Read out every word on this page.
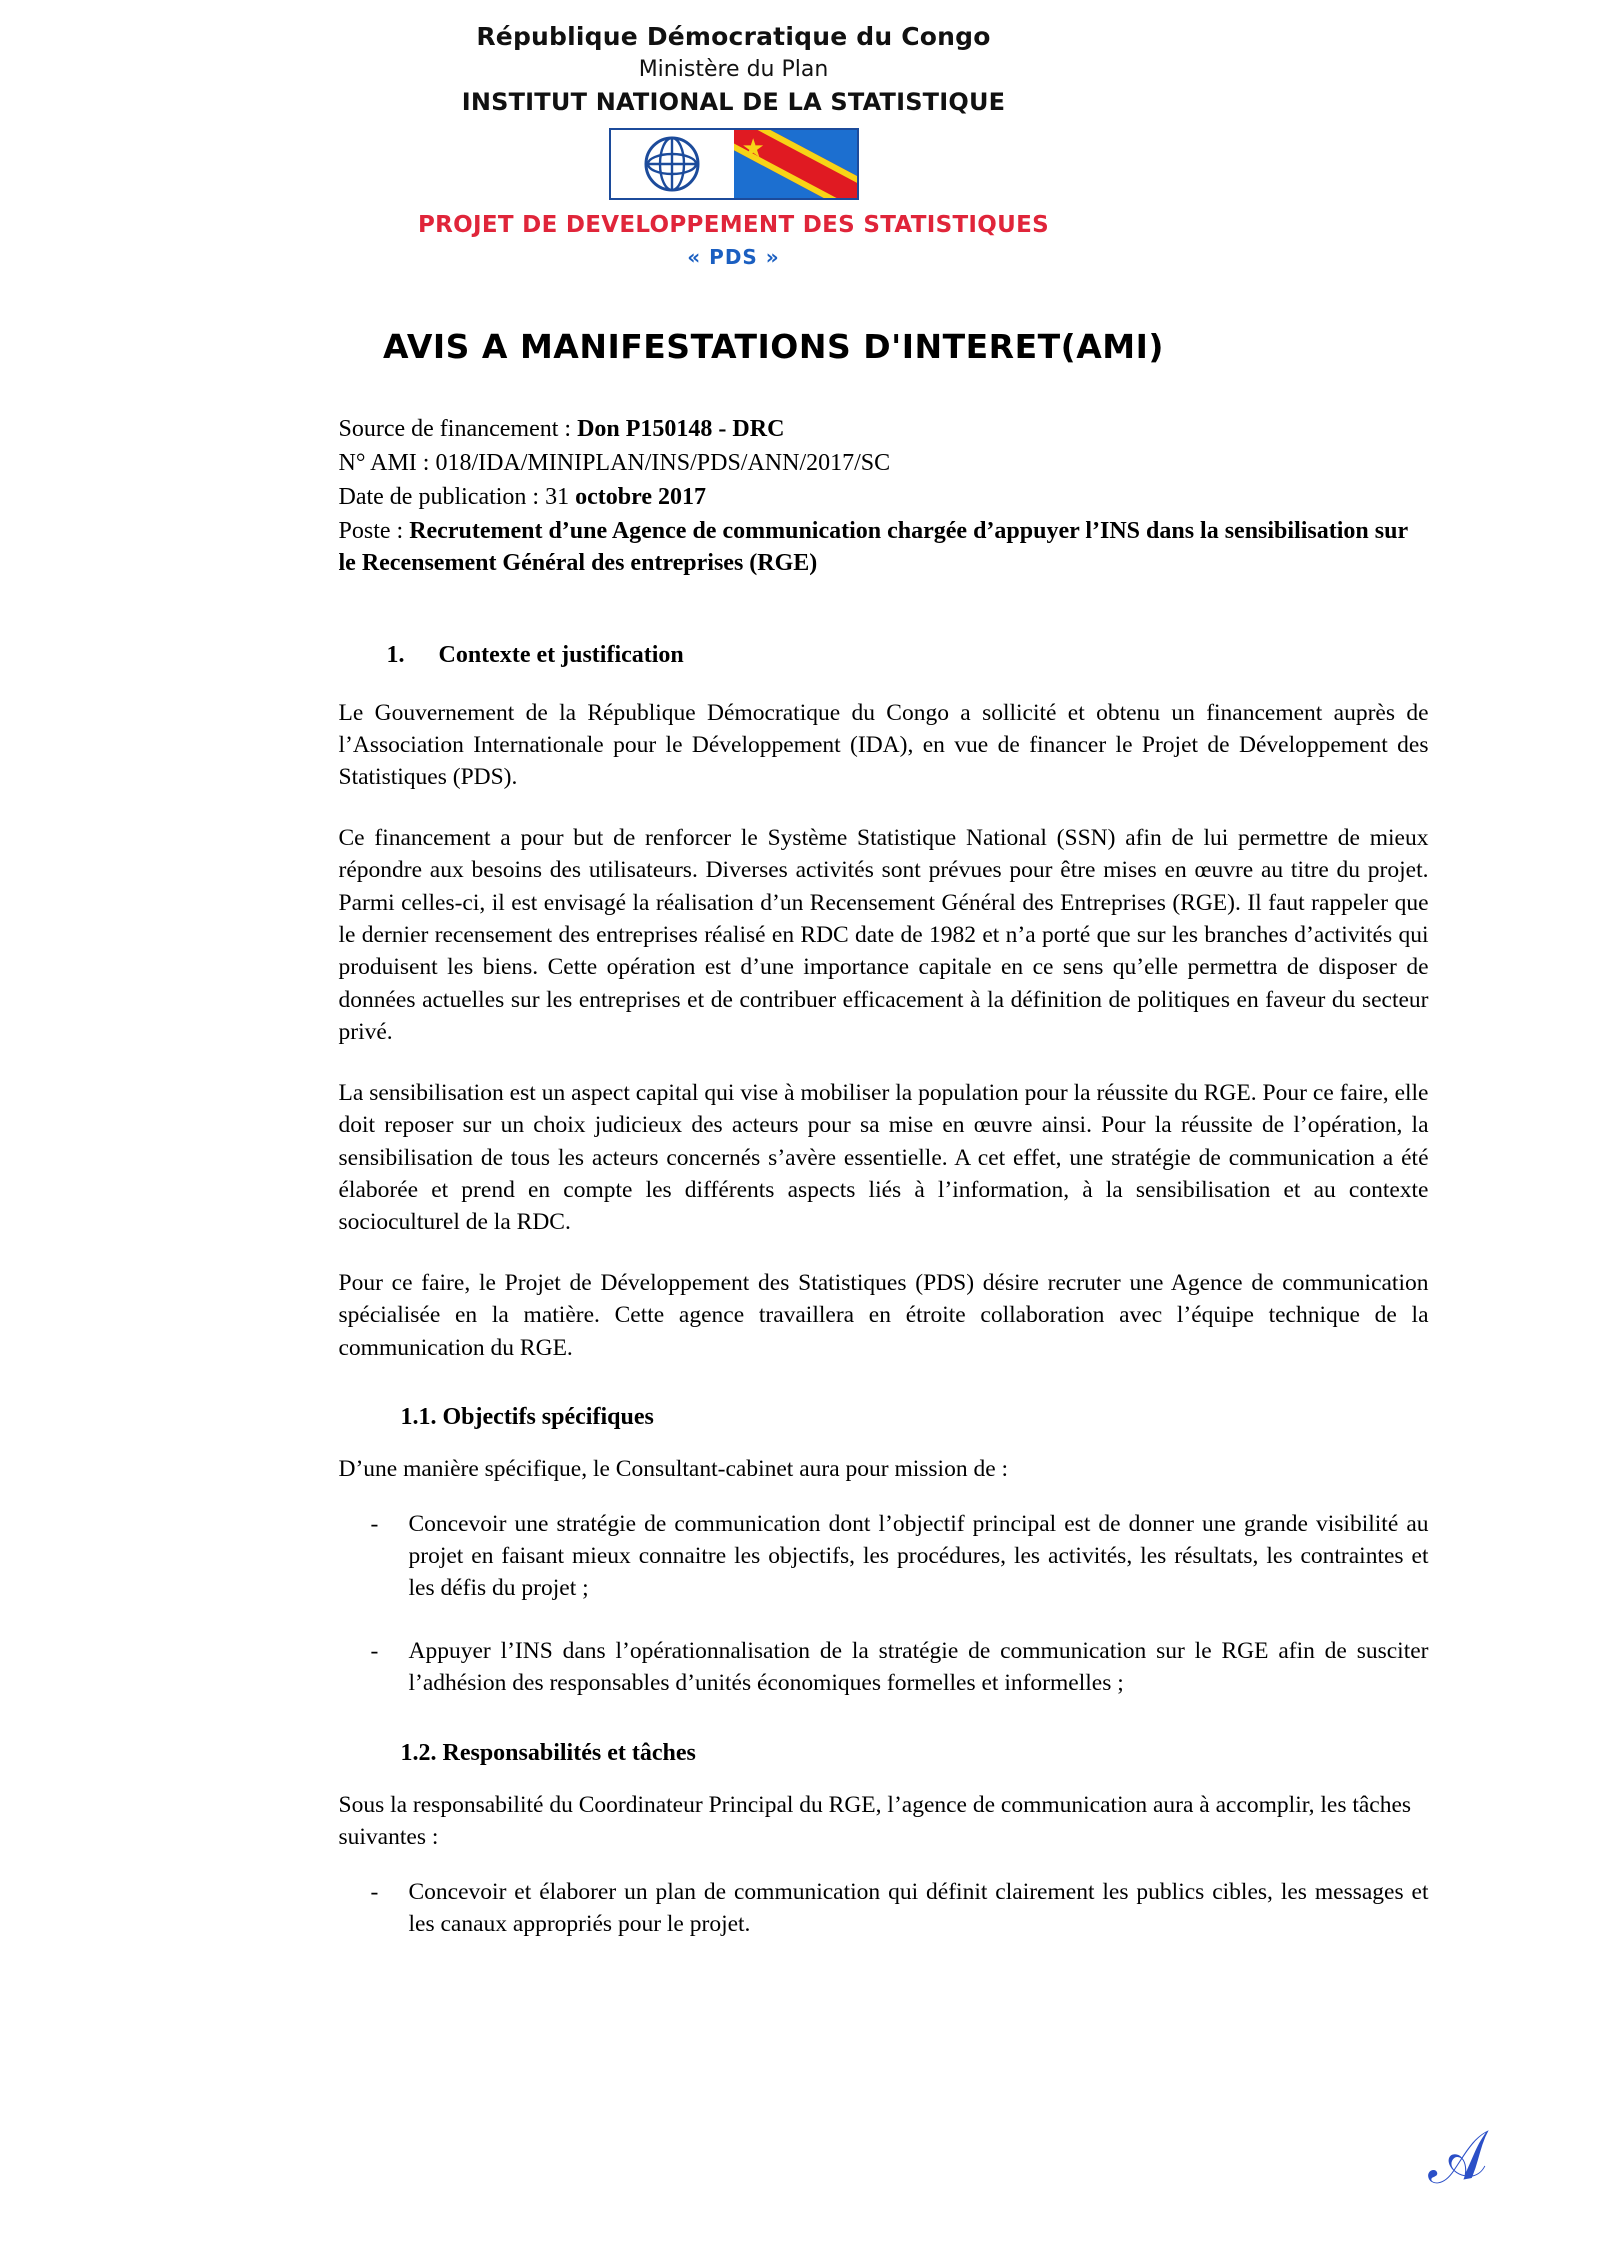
République Démocratique du Congo
Ministère du Plan
INSTITUT NATIONAL DE LA STATISTIQUE
★
PROJET DE DEVELOPPEMENT DES STATISTIQUES
« PDS »
AVIS A MANIFESTATIONS D'INTERET(AMI)
Source de financement : Don P150148 - DRC
N° AMI : 018/IDA/MINIPLAN/INS/PDS/ANN/2017/SC
Date de publication : 31 octobre 2017
Poste : Recrutement d’une Agence de communication chargée d’appuyer l’INS dans la sensibilisation sur le Recensement Général des entreprises (RGE)
1. Contexte et justification

Le Gouvernement de la République Démocratique du Congo a sollicité et obtenu un financement auprès de l’Association Internationale pour le Développement (IDA), en vue de financer le Projet de Développement des Statistiques (PDS).

Ce financement a pour but de renforcer le Système Statistique National (SSN) afin de lui permettre de mieux répondre aux besoins des utilisateurs. Diverses activités sont prévues pour être mises en œuvre au titre du projet. Parmi celles-ci, il est envisagé la réalisation d’un Recensement Général des Entreprises (RGE). Il faut rappeler que le dernier recensement des entreprises réalisé en RDC date de 1982 et n’a porté que sur les branches d’activités qui produisent les biens. Cette opération est d’une importance capitale en ce sens qu’elle permettra de disposer de données actuelles sur les entreprises et de contribuer efficacement à la définition de politiques en faveur du secteur privé.

La sensibilisation est un aspect capital qui vise à mobiliser la population pour la réussite du RGE. Pour ce faire, elle doit reposer sur un choix judicieux des acteurs pour sa mise en œuvre ainsi. Pour la réussite de l’opération, la sensibilisation de tous les acteurs concernés s’avère essentielle. A cet effet, une stratégie de communication a été élaborée et prend en compte les différents aspects liés à l’information, à la sensibilisation et au contexte socioculturel de la RDC.

Pour ce faire, le Projet de Développement des Statistiques (PDS) désire recruter une Agence de communication spécialisée en la matière. Cette agence travaillera en étroite collaboration avec l’équipe technique de la communication du RGE.

1.1. Objectifs spécifiques
D’une manière spécifique, le Consultant-cabinet aura pour mission de :
- Concevoir une stratégie de communication dont l’objectif principal est de donner une grande visibilité au projet en faisant mieux connaitre les objectifs, les procédures, les activités, les résultats, les contraintes et les défis du projet ;
- Appuyer l’INS dans l’opérationnalisation de la stratégie de communication sur le RGE afin de susciter l’adhésion des responsables d’unités économiques formelles et informelles ;
1.2. Responsabilités et tâches
Sous la responsabilité du Coordinateur Principal du RGE, l’agence de communication aura à accomplir, les tâches suivantes :
- Concevoir et élaborer un plan de communication qui définit clairement les publics cibles, les messages et les canaux appropriés pour le projet.
𝒜
